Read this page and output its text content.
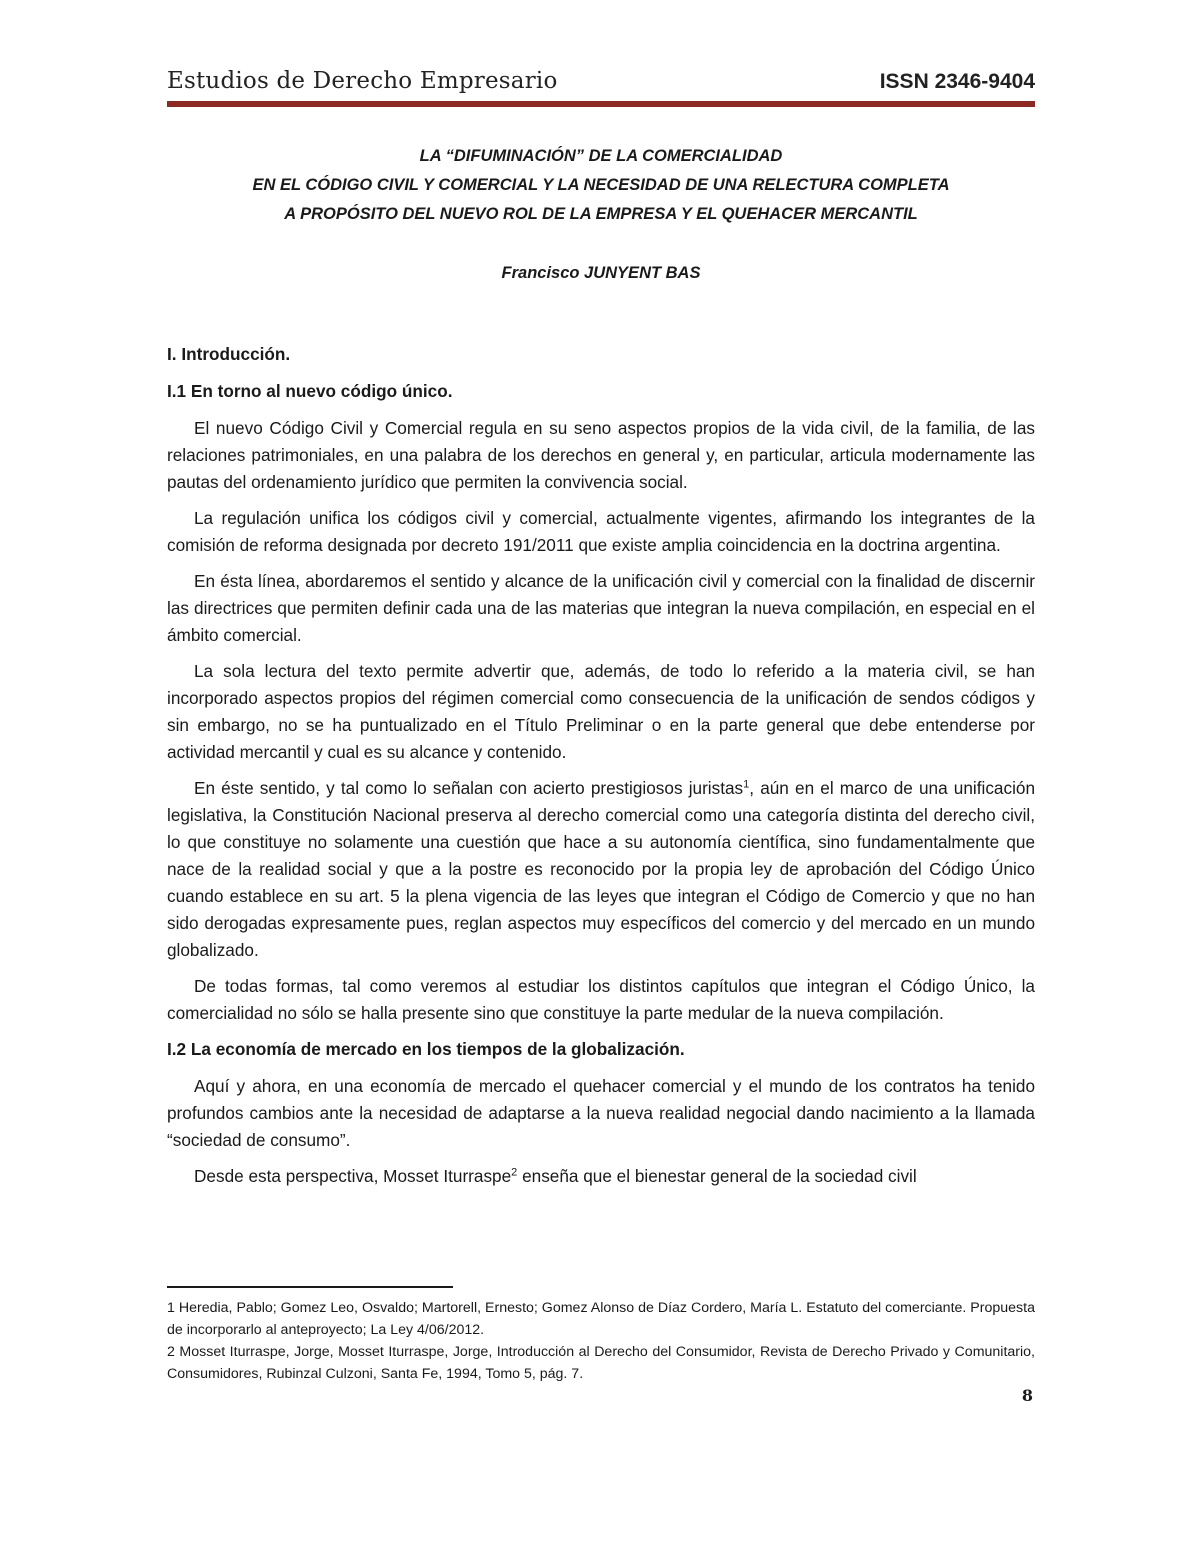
Estudios de Derecho Empresario	ISSN 2346-9404
LA “DIFUMINACIÓN” DE LA COMERCIALIDAD
EN EL CÓDIGO CIVIL Y COMERCIAL Y LA NECESIDAD DE UNA RELECTURA COMPLETA
A PROPÓSITO DEL NUEVO ROL DE LA EMPRESA Y EL QUEHACER MERCANTIL
Francisco JUNYENT BAS

I. Introducción.

I.1 En torno al nuevo código único.

El nuevo Código Civil y Comercial regula en su seno aspectos propios de la vida civil, de la familia, de las relaciones patrimoniales, en una palabra de los derechos en general y, en particular, articula modernamente las pautas del ordenamiento jurídico que permiten la convivencia social.

La regulación unifica los códigos civil y comercial, actualmente vigentes, afirmando los integrantes de la comisión de reforma designada por decreto 191/2011 que existe amplia coincidencia en la doctrina argentina.

En ésta línea, abordaremos el sentido y alcance de la unificación civil y comercial con la finalidad de discernir las directrices que permiten definir cada una de las materias que integran la nueva compilación, en especial en el ámbito comercial.

La sola lectura del texto permite advertir que, además, de todo lo referido a la materia civil, se han incorporado aspectos propios del régimen comercial como consecuencia de la unificación de sendos códigos y sin embargo, no se ha puntualizado en el Título Preliminar o en la parte general que debe entenderse por actividad mercantil y cual es su alcance y contenido.

En éste sentido, y tal como lo señalan con acierto prestigiosos juristas$^1$, aún en el marco de una unificación legislativa, la Constitución Nacional preserva al derecho comercial como una categoría distinta del derecho civil, lo que constituye no solamente una cuestión que hace a su autonomía científica, sino fundamentalmente que nace de la realidad social y que a la postre es reconocido por la propia ley de aprobación del Código Único cuando establece en su art. 5 la plena vigencia de las leyes que integran el Código de Comercio y que no han sido derogadas expresamente pues, reglan aspectos muy específicos del comercio y del mercado en un mundo globalizado.

De todas formas, tal como veremos al estudiar los distintos capítulos que integran el Código Único, la comercialidad no sólo se halla presente sino que constituye la parte medular de la nueva compilación.

I.2 La economía de mercado en los tiempos de la globalización.

Aquí y ahora, en una economía de mercado el quehacer comercial y el mundo de los contratos ha tenido profundos cambios ante la necesidad de adaptarse a la nueva realidad negocial dando nacimiento a la llamada “sociedad de consumo”.

Desde esta perspectiva, Mosset Iturraspe$^2$ enseña que el bienestar general de la sociedad civil

1 Heredia, Pablo; Gomez Leo, Osvaldo; Martorell, Ernesto; Gomez Alonso de Díaz Cordero, María L. Estatuto del comerciante. Propuesta de incorporarlo al anteproyecto; La Ley 4/06/2012.

2 Mosset Iturraspe, Jorge, Mosset Iturraspe, Jorge, Introducción al Derecho del Consumidor, Revista de Derecho Privado y Comunitario, Consumidores, Rubinzal Culzoni, Santa Fe, 1994, Tomo 5, pág. 7.

8
